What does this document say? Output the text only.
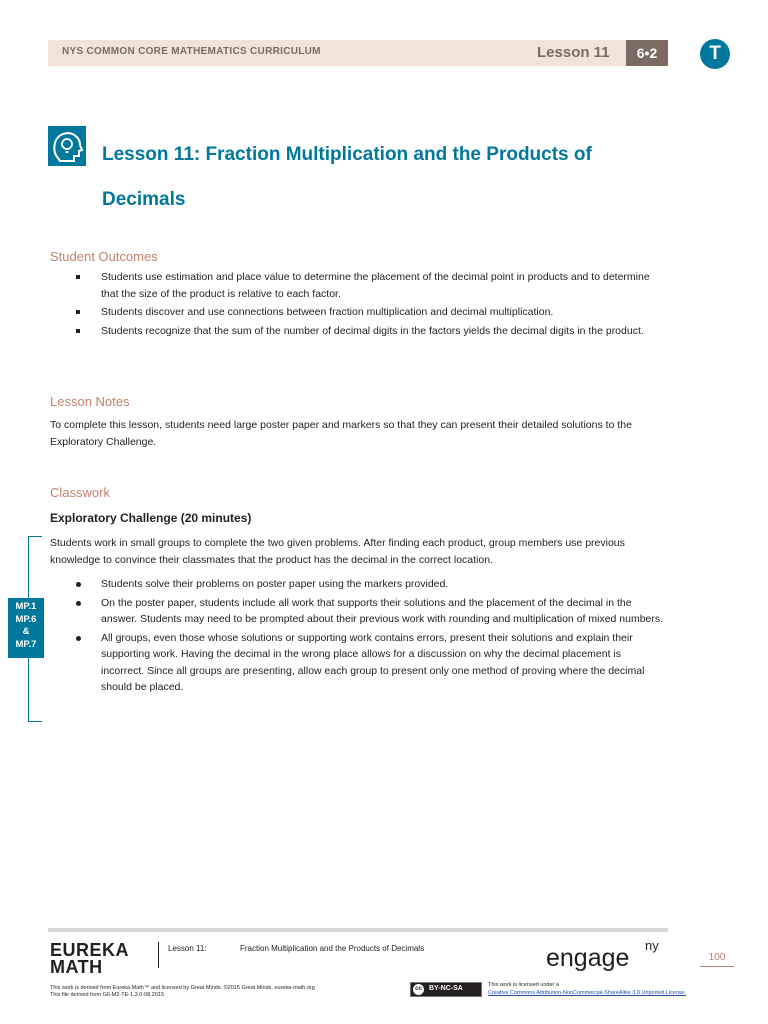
NYS COMMON CORE MATHEMATICS CURRICULUM	Lesson 11	6•2	T
Lesson 11: Fraction Multiplication and the Products of Decimals
Student Outcomes
Students use estimation and place value to determine the placement of the decimal point in products and to determine that the size of the product is relative to each factor.
Students discover and use connections between fraction multiplication and decimal multiplication.
Students recognize that the sum of the number of decimal digits in the factors yields the decimal digits in the product.
Lesson Notes
To complete this lesson, students need large poster paper and markers so that they can present their detailed solutions to the Exploratory Challenge.
Classwork
Exploratory Challenge (20 minutes)
Students work in small groups to complete the two given problems. After finding each product, group members use previous knowledge to convince their classmates that the product has the decimal in the correct location.
Students solve their problems on poster paper using the markers provided.
On the poster paper, students include all work that supports their solutions and the placement of the decimal in the answer. Students may need to be prompted about their previous work with rounding and multiplication of mixed numbers.
All groups, even those whose solutions or supporting work contains errors, present their solutions and explain their supporting work. Having the decimal in the wrong place allows for a discussion on why the decimal placement is incorrect. Since all groups are presenting, allow each group to present only one method of proving where the decimal should be placed.
MP.1
MP.6
&
MP.7
EUREKA
MATH
Lesson 11:	Fraction Multiplication and the Products of Decimals	engage ny
100
This work is derived from Eureka Math™ and licensed by Great Minds. ©2015 Great Minds. eureka-math.org
This file derived from G6-M2-TE-1.3.0-08.2015
cc	BY-NC-SA	This work is licensed under a
Creative Commons Attribution-NonCommercial-ShareAlike 3.0 Unported License.
